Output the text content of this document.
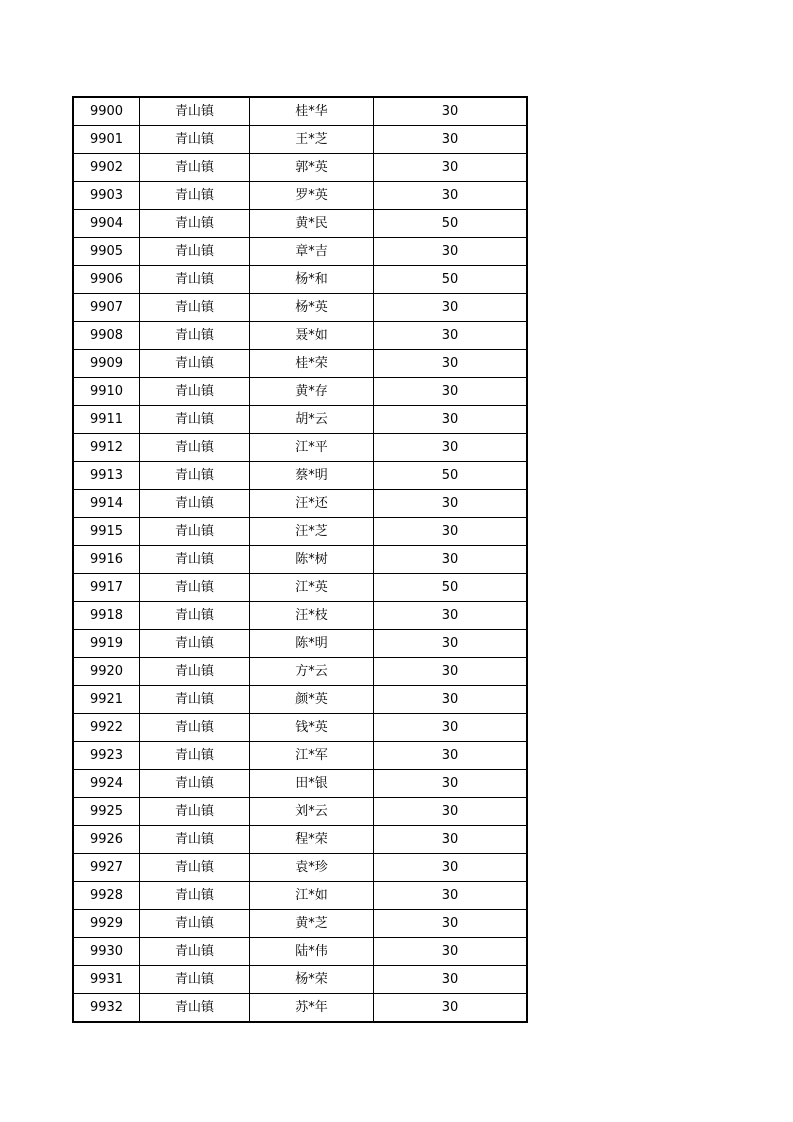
9900	青山镇	桂*华	30
9901	青山镇	王*芝	30
9902	青山镇	郭*英	30
9903	青山镇	罗*英	30
9904	青山镇	黄*民	50
9905	青山镇	章*吉	30
9906	青山镇	杨*和	50
9907	青山镇	杨*英	30
9908	青山镇	聂*如	30
9909	青山镇	桂*荣	30
9910	青山镇	黄*存	30
9911	青山镇	胡*云	30
9912	青山镇	江*平	30
9913	青山镇	蔡*明	50
9914	青山镇	汪*还	30
9915	青山镇	汪*芝	30
9916	青山镇	陈*树	30
9917	青山镇	江*英	50
9918	青山镇	汪*枝	30
9919	青山镇	陈*明	30
9920	青山镇	方*云	30
9921	青山镇	颜*英	30
9922	青山镇	钱*英	30
9923	青山镇	江*军	30
9924	青山镇	田*银	30
9925	青山镇	刘*云	30
9926	青山镇	程*荣	30
9927	青山镇	袁*珍	30
9928	青山镇	江*如	30
9929	青山镇	黄*芝	30
9930	青山镇	陆*伟	30
9931	青山镇	杨*荣	30
9932	青山镇	苏*年	30
